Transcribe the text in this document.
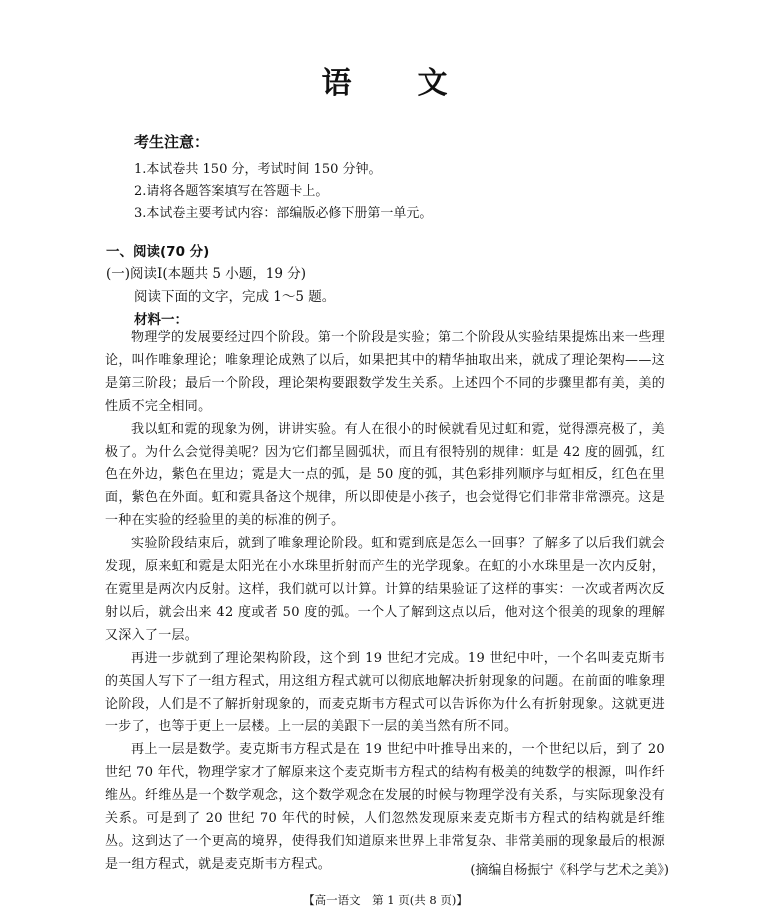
语 文
考生注意：
1.本试卷共 150 分，考试时间 150 分钟。
2.请将各题答案填写在答题卡上。
3.本试卷主要考试内容：部编版必修下册第一单元。
一、阅读(70 分)
(一)阅读Ⅰ(本题共 5 小题，19 分)
阅读下面的文字，完成 1～5 题。
材料一：

物理学的发展要经过四个阶段。第一个阶段是实验；第二个阶段从实验结果提炼出来一些理论，叫作唯象理论；唯象理论成熟了以后，如果把其中的精华抽取出来，就成了理论架构——这是第三阶段；最后一个阶段，理论架构要跟数学发生关系。上述四个不同的步骤里都有美，美的性质不完全相同。

我以虹和霓的现象为例，讲讲实验。有人在很小的时候就看见过虹和霓，觉得漂亮极了，美极了。为什么会觉得美呢？因为它们都呈圆弧状，而且有很特别的规律：虹是 42 度的圆弧，红色在外边，紫色在里边；霓是大一点的弧，是 50 度的弧，其色彩排列顺序与虹相反，红色在里面，紫色在外面。虹和霓具备这个规律，所以即使是小孩子，也会觉得它们非常非常漂亮。这是一种在实验的经验里的美的标准的例子。

实验阶段结束后，就到了唯象理论阶段。虹和霓到底是怎么一回事？了解多了以后我们就会发现，原来虹和霓是太阳光在小水珠里折射而产生的光学现象。在虹的小水珠里是一次内反射，在霓里是两次内反射。这样，我们就可以计算。计算的结果验证了这样的事实：一次或者两次反射以后，就会出来 42 度或者 50 度的弧。一个人了解到这点以后，他对这个很美的现象的理解又深入了一层。

再进一步就到了理论架构阶段，这个到 19 世纪才完成。19 世纪中叶，一个名叫麦克斯韦的英国人写下了一组方程式，用这组方程式就可以彻底地解决折射现象的问题。在前面的唯象理论阶段，人们是不了解折射现象的，而麦克斯韦方程式可以告诉你为什么有折射现象。这就更进一步了，也等于更上一层楼。上一层的美跟下一层的美当然有所不同。

再上一层是数学。麦克斯韦方程式是在 19 世纪中叶推导出来的，一个世纪以后，到了 20 世纪 70 年代，物理学家才了解原来这个麦克斯韦方程式的结构有极美的纯数学的根源，叫作纤维丛。纤维丛是一个数学观念，这个数学观念在发展的时候与物理学没有关系，与实际现象没有关系。可是到了 20 世纪 70 年代的时候，人们忽然发现原来麦克斯韦方程式的结构就是纤维丛。这到达了一个更高的境界，使得我们知道原来世界上非常复杂、非常美丽的现象最后的根源是一组方程式，就是麦克斯韦方程式。	(摘编自杨振宁《科学与艺术之美》)
【高一语文　第 1 页(共 8 页)】
